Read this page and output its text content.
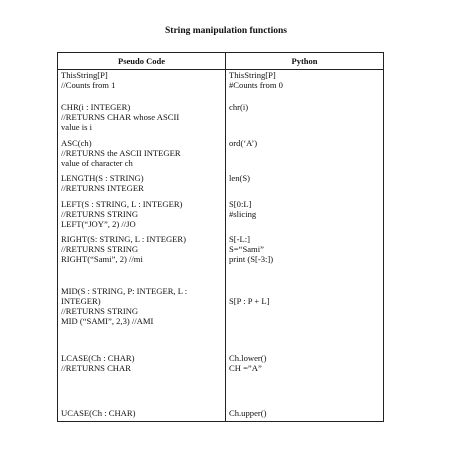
String manipulation functions
Pseudo Code	Python

ThisString[P]
//Counts from 1	ThisString[P]
#Counts from 0

CHR(i : INTEGER)
//RETURNS CHAR whose ASCII
value is i	chr(i)

ASC(ch)
//RETURNS the ASCII INTEGER
value of character ch	ord(‘A’)

LENGTH(S : STRING)
//RETURNS INTEGER	len(S)

LEFT(S : STRING, L : INTEGER)
//RETURNS STRING
LEFT(“JOY”, 2) //JO	S[0:L]
#slicing

RIGHT(S: STRING, L : INTEGER)
//RETURNS STRING
RIGHT(“Sami”, 2) //mi	S[-L:]
S=“Sami”
print (S[-3:])

MID(S : STRING, P: INTEGER, L :
INTEGER)
//RETURNS STRING
MID (“SAMI”, 2,3) //AMI	S[P : P + L]

LCASE(Ch : CHAR)
//RETURNS CHAR	Ch.lower()
CH =”A”

UCASE(Ch : CHAR)	Ch.upper()
